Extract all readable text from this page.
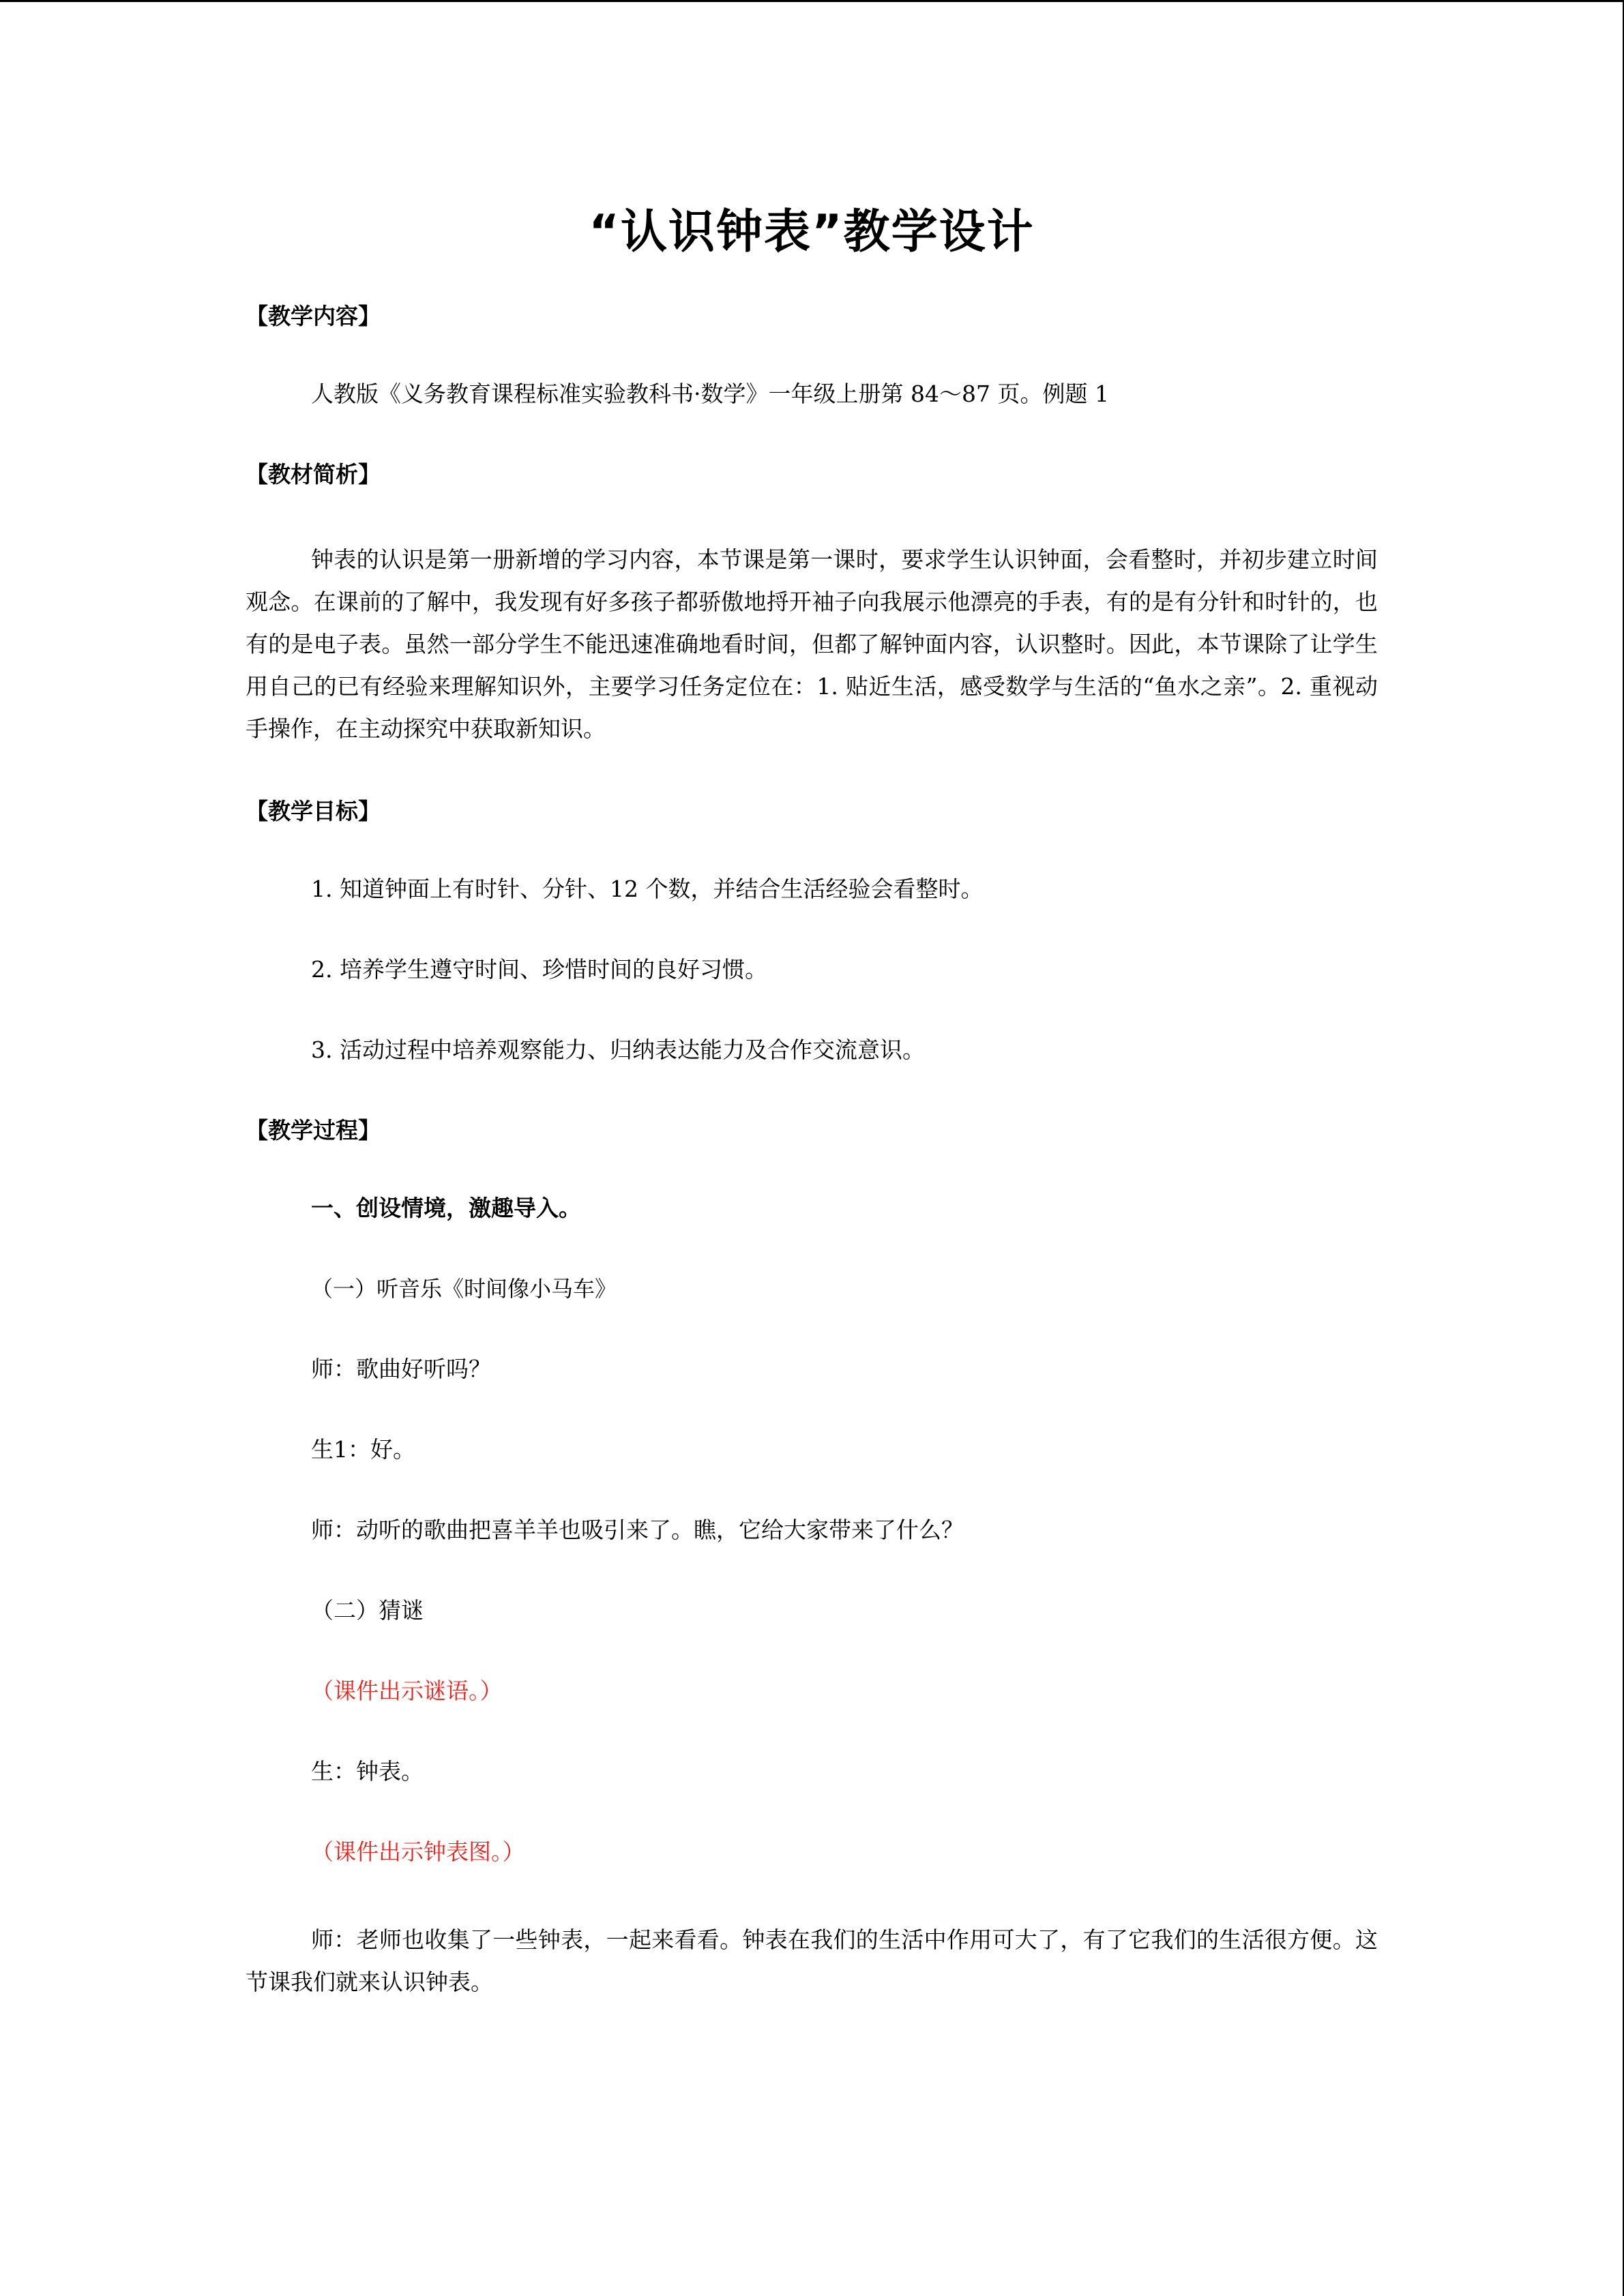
“认识钟表”教学设计
【教学内容】

人教版《义务教育课程标准实验教科书·数学》一年级上册第 84～87 页。例题 1

【教材简析】

钟表的认识是第一册新增的学习内容，本节课是第一课时，要求学生认识钟面，会看整时，并初步建立时间观念。在课前的了解中，我发现有好多孩子都骄傲地捋开袖子向我展示他漂亮的手表，有的是有分针和时针的，也有的是电子表。虽然一部分学生不能迅速准确地看时间，但都了解钟面内容，认识整时。因此，本节课除了让学生用自己的已有经验来理解知识外，主要学习任务定位在：1. 贴近生活，感受数学与生活的“鱼水之亲”。2. 重视动手操作，在主动探究中获取新知识。

【教学目标】
1. 知道钟面上有时针、分针、12 个数，并结合生活经验会看整时。
2. 培养学生遵守时间、珍惜时间的良好习惯。
3. 活动过程中培养观察能力、归纳表达能力及合作交流意识。
【教学过程】
一、创设情境，激趣导入。
（一）听音乐《时间像小马车》
师：歌曲好听吗？
生1：好。
师：动听的歌曲把喜羊羊也吸引来了。瞧，它给大家带来了什么？
（二）猜谜
（课件出示谜语。）
生：钟表。
（课件出示钟表图。）

师：老师也收集了一些钟表，一起来看看。钟表在我们的生活中作用可大了，有了它我们的生活很方便。这节课我们就来认识钟表。
